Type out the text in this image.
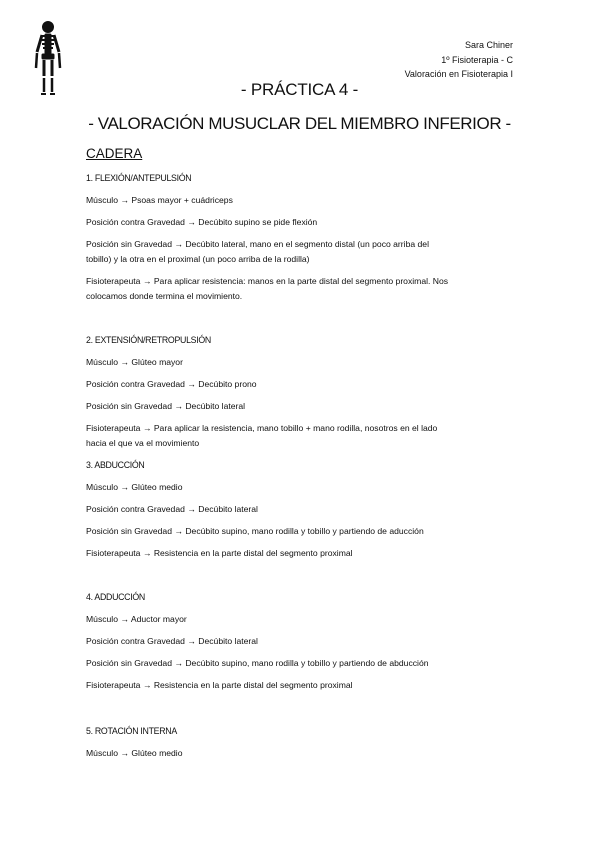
Sara Chiner
1º Fisioterapia - C
Valoración en Fisioterapia I
- PRÁCTICA 4 -
- VALORACIÓN MUSUCLAR DEL MIEMBRO INFERIOR -
CADERA
1. FLEXIÓN/ANTEPULSIÓN
Músculo → Psoas mayor + cuádriceps
Posición contra Gravedad → Decúbito supino se pide flexión
Posición sin Gravedad → Decúbito lateral, mano en el segmento distal (un poco arriba del
tobillo) y la otra en el proximal (un poco arriba de la rodilla)
Fisioterapeuta → Para aplicar resistencia: manos en la parte distal del segmento proximal. Nos
colocamos donde termina el movimiento.
2. EXTENSIÓN/RETROPULSIÓN
Músculo → Glúteo mayor
Posición contra Gravedad → Decúbito prono
Posición sin Gravedad → Decúbito lateral
Fisioterapeuta → Para aplicar la resistencia, mano tobillo + mano rodilla, nosotros en el lado
hacia el que va el movimiento
3. ABDUCCIÓN
Músculo → Glúteo medio
Posición contra Gravedad → Decúbito lateral
Posición sin Gravedad → Decúbito supino, mano rodilla y tobillo y partiendo de aducción
Fisioterapeuta → Resistencia en la parte distal del segmento proximal
4. ADDUCCIÓN
Músculo → Aductor mayor
Posición contra Gravedad → Decúbito lateral
Posición sin Gravedad → Decúbito supino, mano rodilla y tobillo y partiendo de abducción
Fisioterapeuta → Resistencia en la parte distal del segmento proximal
5. ROTACIÓN INTERNA
Músculo → Glúteo medio
